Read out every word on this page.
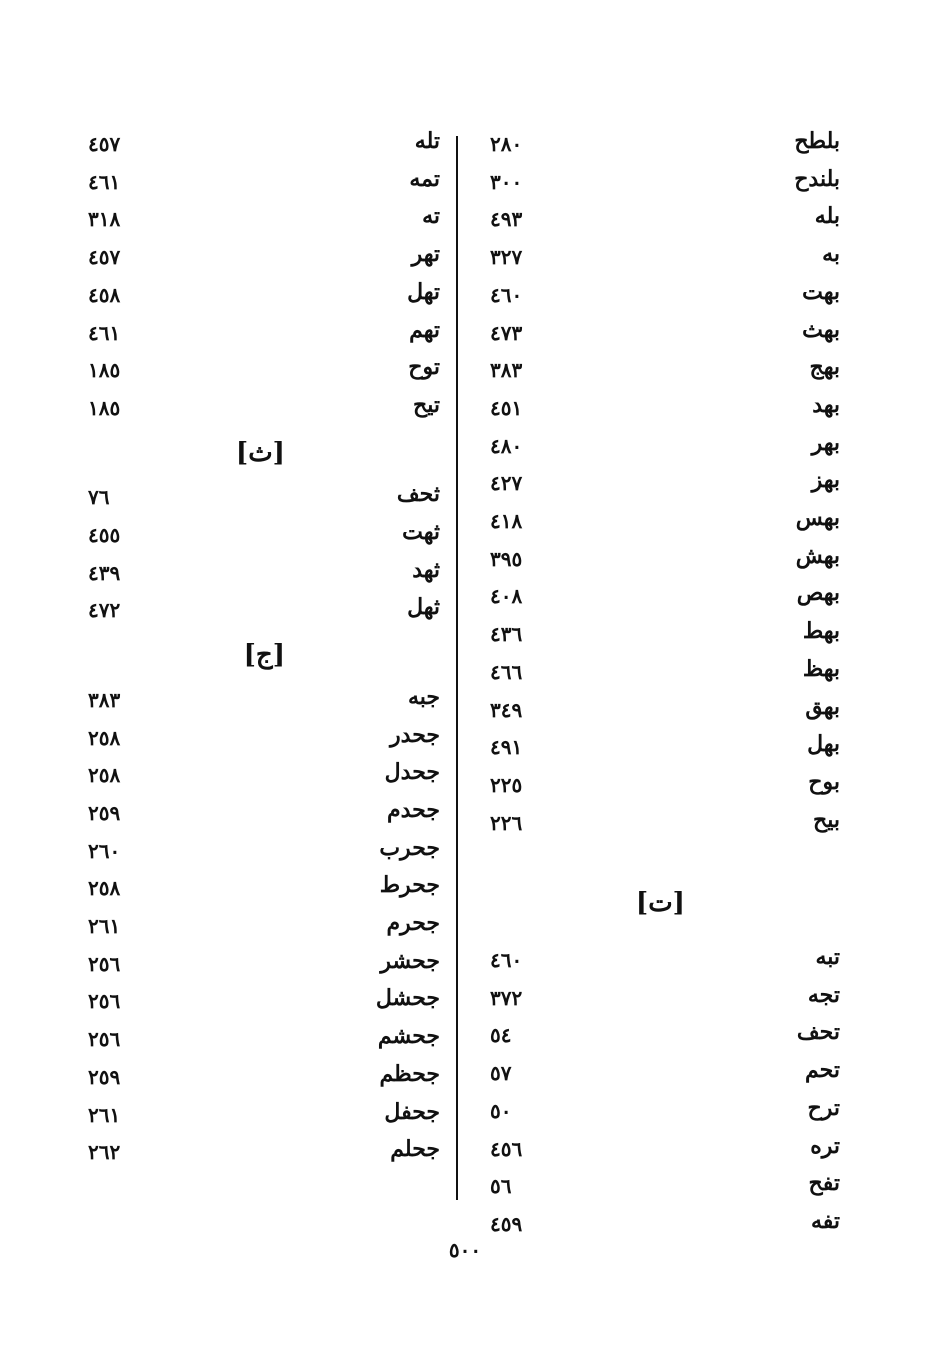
٥٠٠
بلطح
٢٨٠
بلندح
٣٠٠
بله
٤٩٣
به
٣٢٧
بهت
٤٦٠
بهث
٤٧٣
بهج
٣٨٣
بهد
٤٥١
بهر
٤٨٠
بهز
٤٢٧
بهس
٤١٨
بهش
٣٩٥
بهص
٤٠٨
بهط
٤٣٦
بهظ
٤٦٦
بهق
٣٤٩
بهل
٤٩١
بوح
٢٢٥
بيح
٢٢٦
[ت]
تبه
٤٦٠
تجه
٣٧٢
تحف
٥٤
تحم
٥٧
ترح
٥٠
تره
٤٥٦
تفح
٥٦
تفه
٤٥٩
تله
٤٥٧
تمه
٤٦١
ته
٣١٨
تهر
٤٥٧
تهل
٤٥٨
تهم
٤٦١
توح
١٨٥
تيح
١٨٥
[ث]
ثحف
٧٦
ثهت
٤٥٥
ثهد
٤٣٩
ثهل
٤٧٢
[ج]
جبه
٣٨٣
جحدر
٢٥٨
جحدل
٢٥٨
جحدم
٢٥٩
جحرب
٢٦٠
جحرط
٢٥٨
جحرم
٢٦١
جحشر
٢٥٦
جحشل
٢٥٦
جحشم
٢٥٦
جحظم
٢٥٩
جحفل
٢٦١
جحلم
٢٦٢
